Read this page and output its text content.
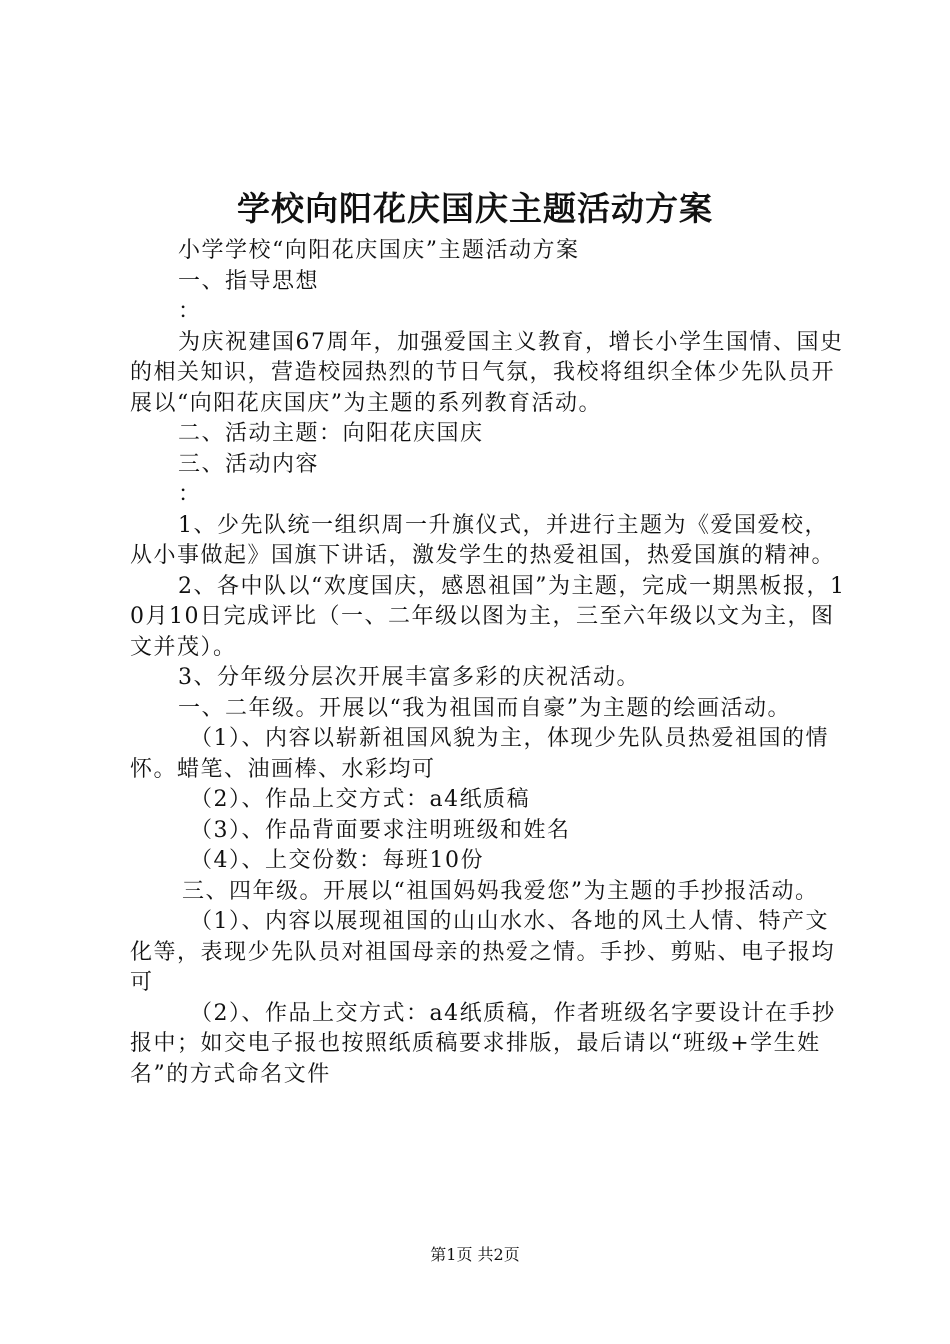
学校向阳花庆国庆主题活动方案

小学学校“向阳花庆国庆”主题活动方案

一、指导思想

：

为庆祝建国67周年，加强爱国主义教育，增长小学生国情、国史的相关知识，营造校园热烈的节日气氛，我校将组织全体少先队员开展以“向阳花庆国庆”为主题的系列教育活动。

二、活动主题：向阳花庆国庆

三、活动内容

：

1、少先队统一组织周一升旗仪式，并进行主题为《爱国爱校，从小事做起》国旗下讲话，激发学生的热爱祖国，热爱国旗的精神。

2、各中队以“欢度国庆，感恩祖国”为主题，完成一期黑板报，10月10日完成评比（一、二年级以图为主，三至六年级以文为主，图文并茂）。

3、分年级分层次开展丰富多彩的庆祝活动。

一、二年级。开展以“我为祖国而自豪”为主题的绘画活动。

（1）、内容以崭新祖国风貌为主，体现少先队员热爱祖国的情怀。蜡笔、油画棒、水彩均可

（2）、作品上交方式：a4纸质稿

（3）、作品背面要求注明班级和姓名

（4）、上交份数：每班10份

三、四年级。开展以“祖国妈妈我爱您”为主题的手抄报活动。

（1）、内容以展现祖国的山山水水、各地的风土人情、特产文化等，表现少先队员对祖国母亲的热爱之情。手抄、剪贴、电子报均可

（2）、作品上交方式：a4纸质稿，作者班级名字要设计在手抄报中；如交电子报也按照纸质稿要求排版，最后请以“班级+学生姓名”的方式命名文件

第1页 共2页
